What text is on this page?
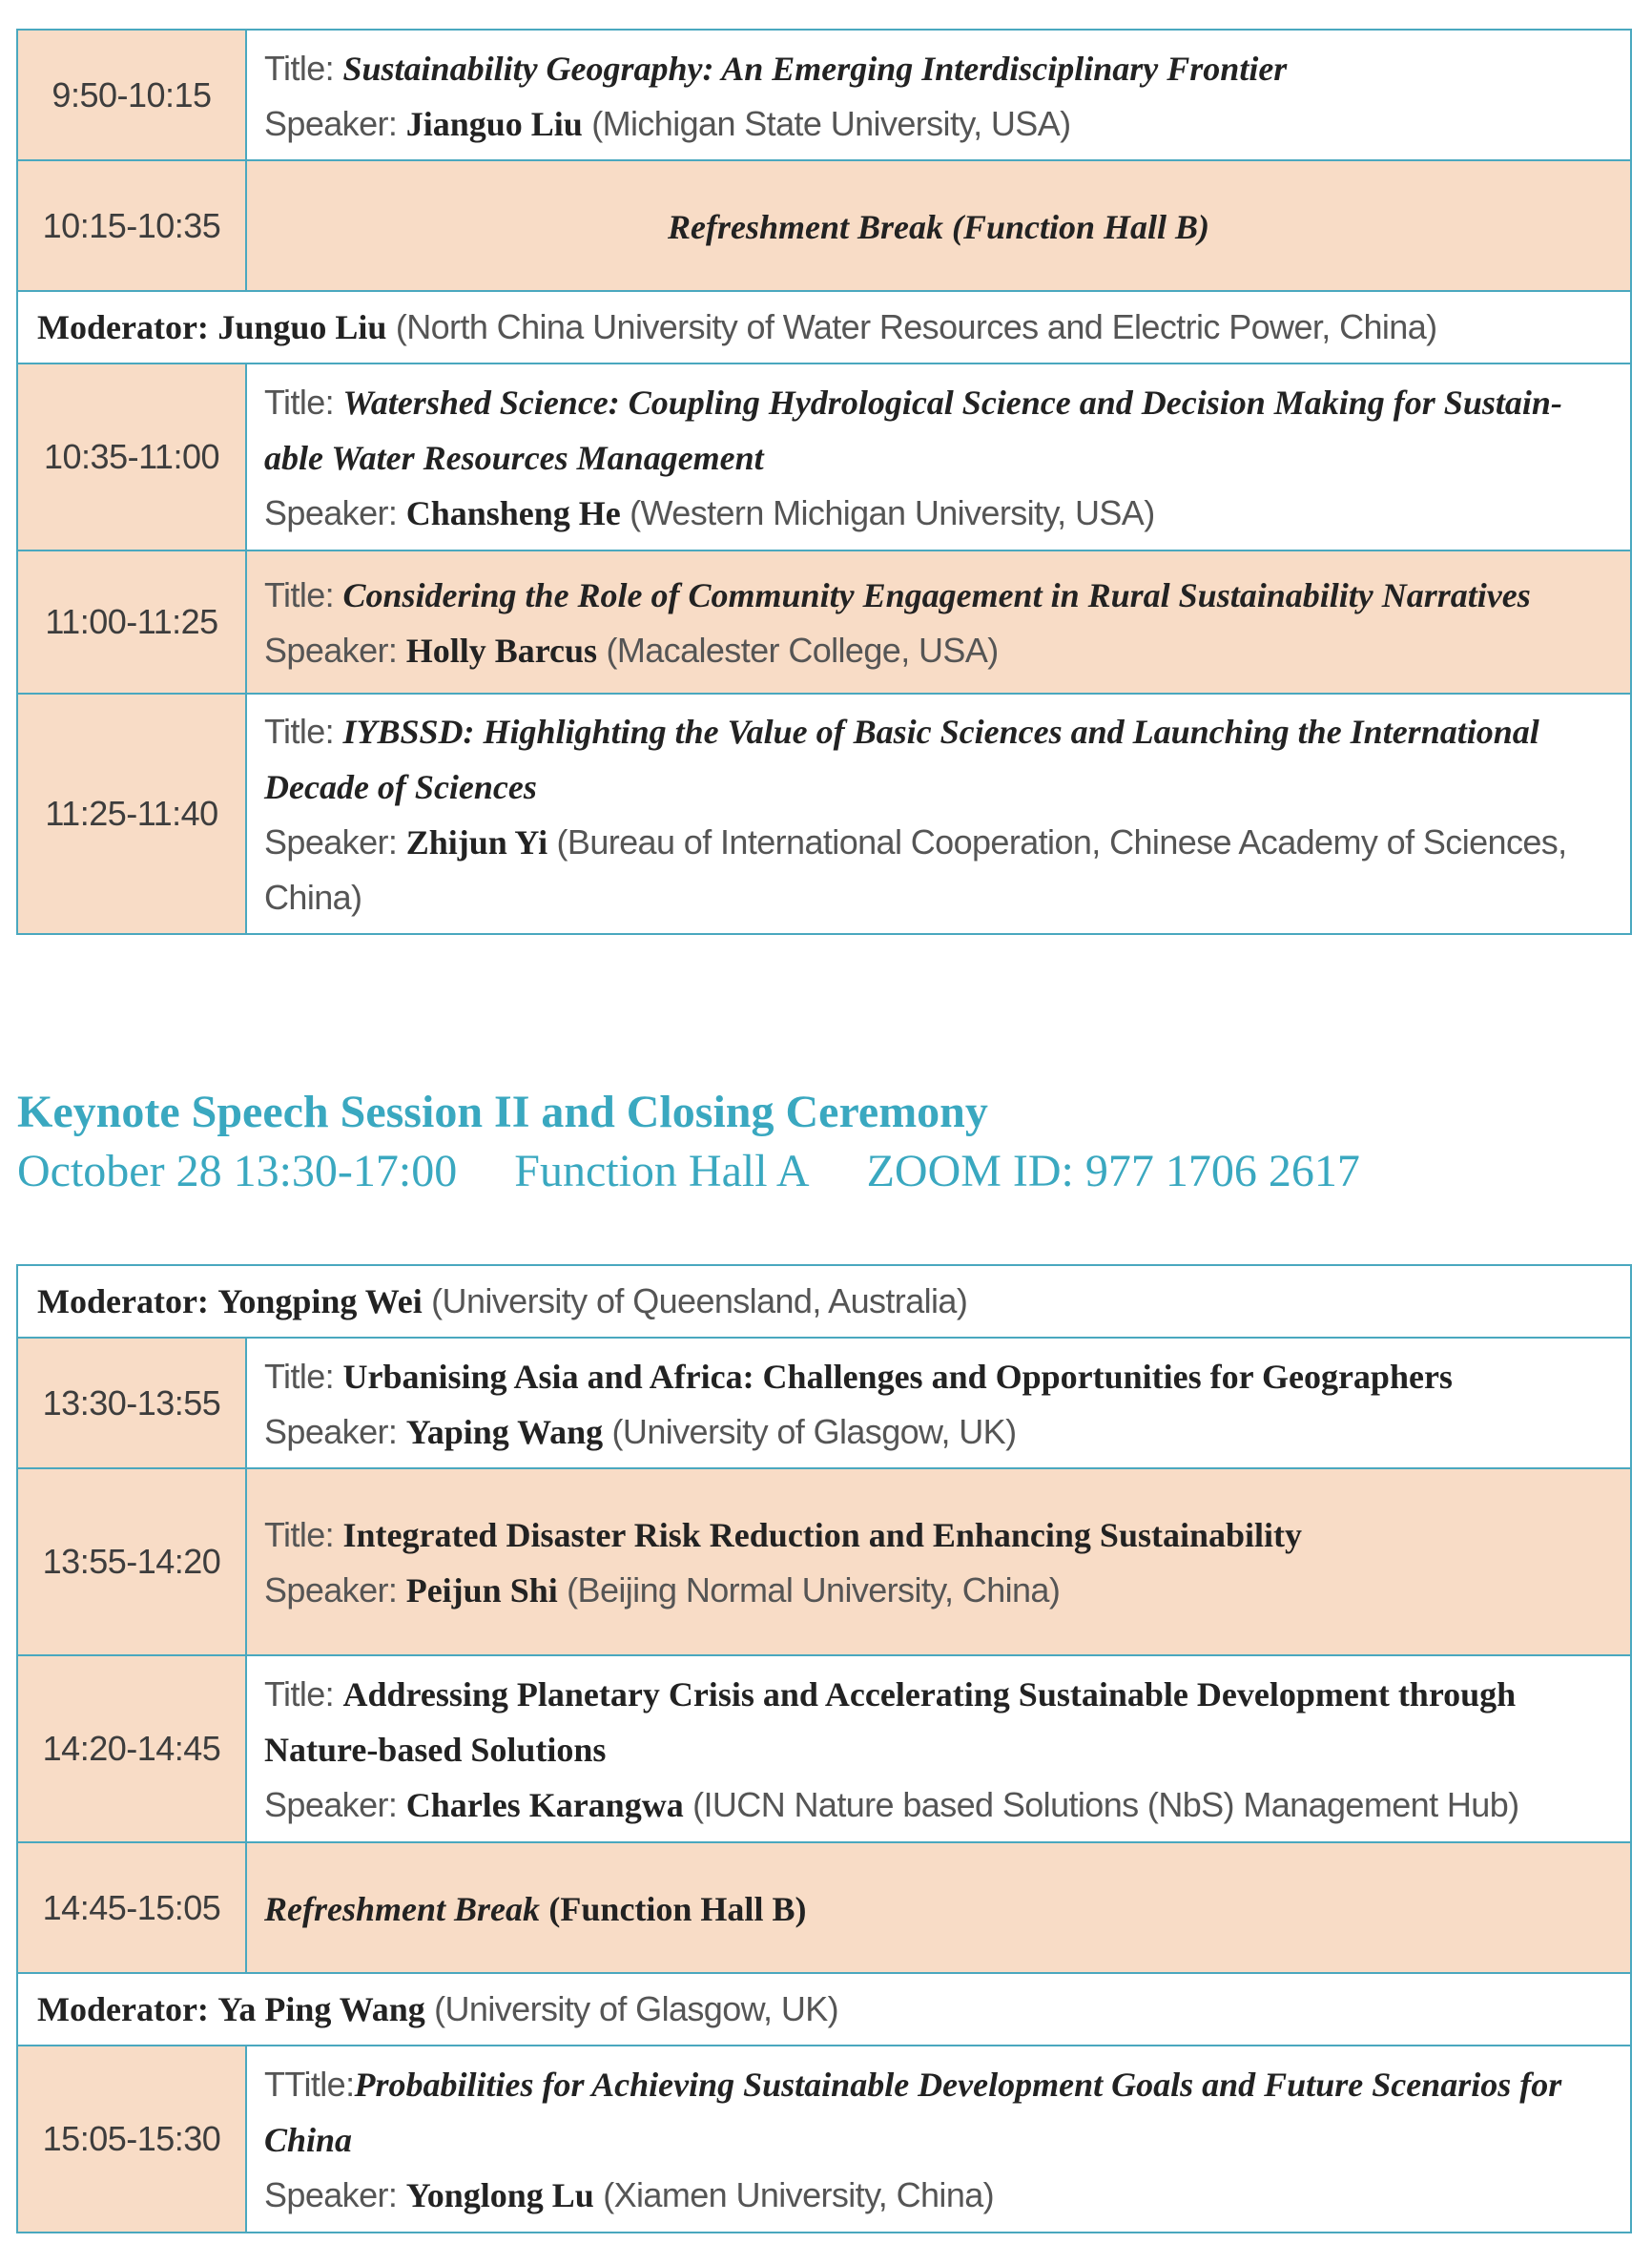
9:50-10:15	Title: Sustainability Geography: An Emerging Interdisciplinary Frontier
Speaker: Jianguo Liu (Michigan State University, USA)

10:15-10:35	Refreshment Break (Function Hall B)
Moderator: Junguo Liu (North China University of Water Resources and Electric Power, China)	
10:35-11:00	Title: Watershed Science: Coupling Hydrological Science and Decision Making for Sustain-
able Water Resources Management
Speaker: Chansheng He (Western Michigan University, USA)

11:00-11:25	Title: Considering the Role of Community Engagement in Rural Sustainability Narratives
Speaker: Holly Barcus (Macalester College, USA)

11:25-11:40	Title: IYBSSD: Highlighting the Value of Basic Sciences and Launching the International
Decade of Sciences
Speaker: Zhijun Yi (Bureau of International Cooperation, Chinese Academy of Sciences,
China)
Keynote Speech Session II and Closing Ceremony
October 28 13:30-17:00 Function Hall A ZOOM ID: 977 1706 2617
Moderator: Yongping Wei (University of Queensland, Australia)	
13:30-13:55	Title: Urbanising Asia and Africa: Challenges and Opportunities for Geographers
Speaker: Yaping Wang (University of Glasgow, UK)

13:55-14:20	Title: Integrated Disaster Risk Reduction and Enhancing Sustainability
Speaker: Peijun Shi (Beijing Normal University, China)

14:20-14:45	Title: Addressing Planetary Crisis and Accelerating Sustainable Development through
Nature-based Solutions
Speaker: Charles Karangwa (IUCN Nature based Solutions (NbS) Management Hub)

14:45-15:05	Refreshment Break (Function Hall B)
Moderator: Ya Ping Wang (University of Glasgow, UK)	
15:05-15:30	TTitle:Probabilities for Achieving Sustainable Development Goals and Future Scenarios for
China
Speaker: Yonglong Lu (Xiamen University, China)
